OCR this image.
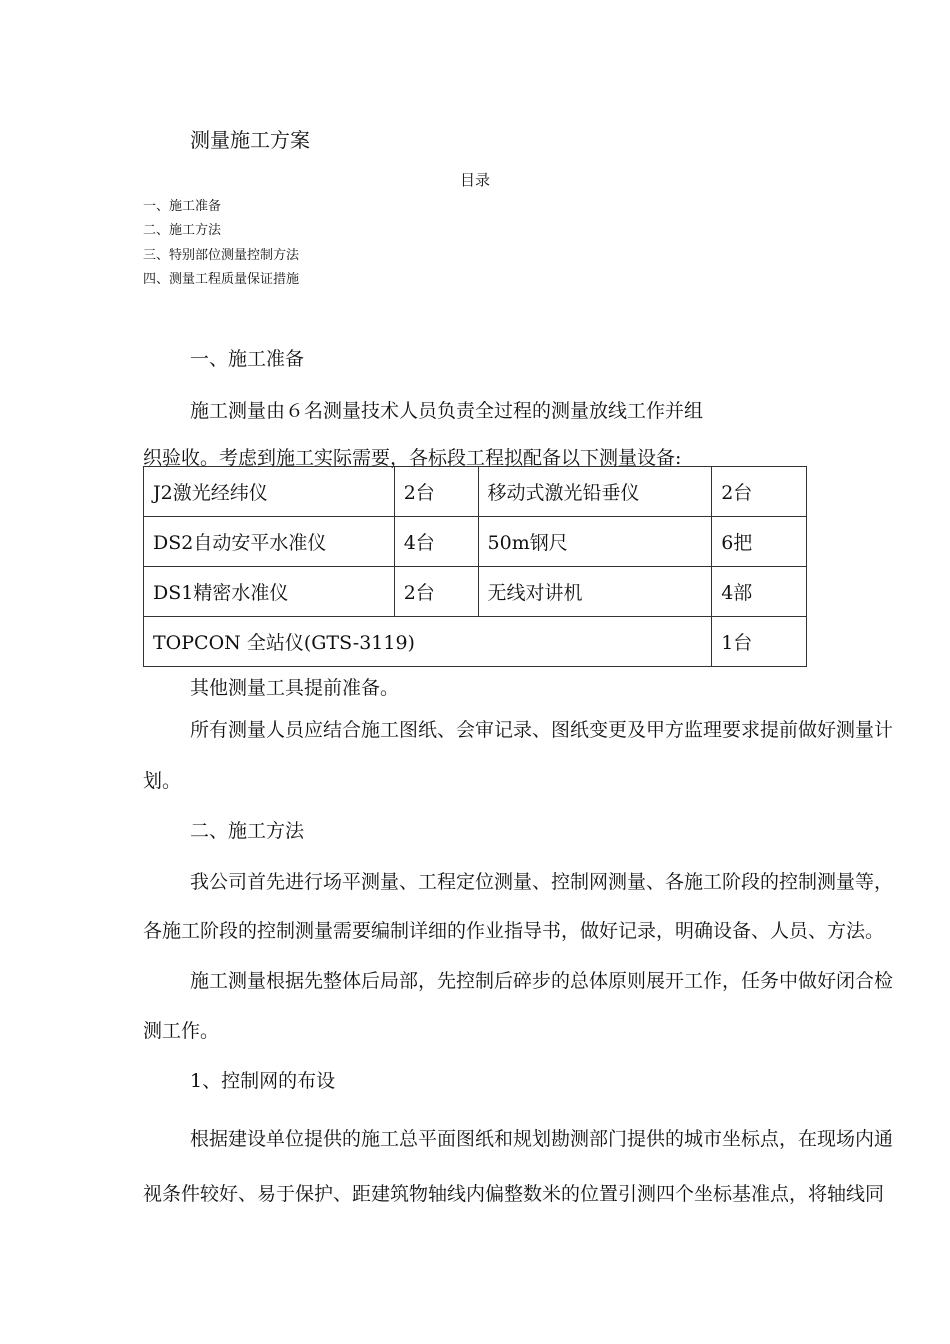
测量施工方案
目录
一、施工准备
二、施工方法
三、特别部位测量控制方法
四、测量工程质量保证措施
一、施工准备
施工测量由６名测量技术人员负责全过程的测量放线工作并组
织验收。考虑到施工实际需要，各标段工程拟配备以下测量设备:
J2激光经纬仪	2台	移动式激光铅垂仪	2台
DS2自动安平水准仪	4台	50m钢尺	6把
DS1精密水准仪	2台	无线对讲机	4部
TOPCON 全站仪(GTS-3119)			1台
其他测量工具提前准备。
所有测量人员应结合施工图纸、会审记录、图纸变更及甲方监理要求提前做好测量计
划。
二、施工方法
我公司首先进行场平测量、工程定位测量、控制网测量、各施工阶段的控制测量等，
各施工阶段的控制测量需要编制详细的作业指导书，做好记录，明确设备、人员、方法。
施工测量根据先整体后局部，先控制后碎步的总体原则展开工作，任务中做好闭合检
测工作。
1、控制网的布设
根据建设单位提供的施工总平面图纸和规划勘测部门提供的城市坐标点，在现场内通
视条件较好、易于保护、距建筑物轴线内偏整数米的位置引测四个坐标基准点，将轴线同
